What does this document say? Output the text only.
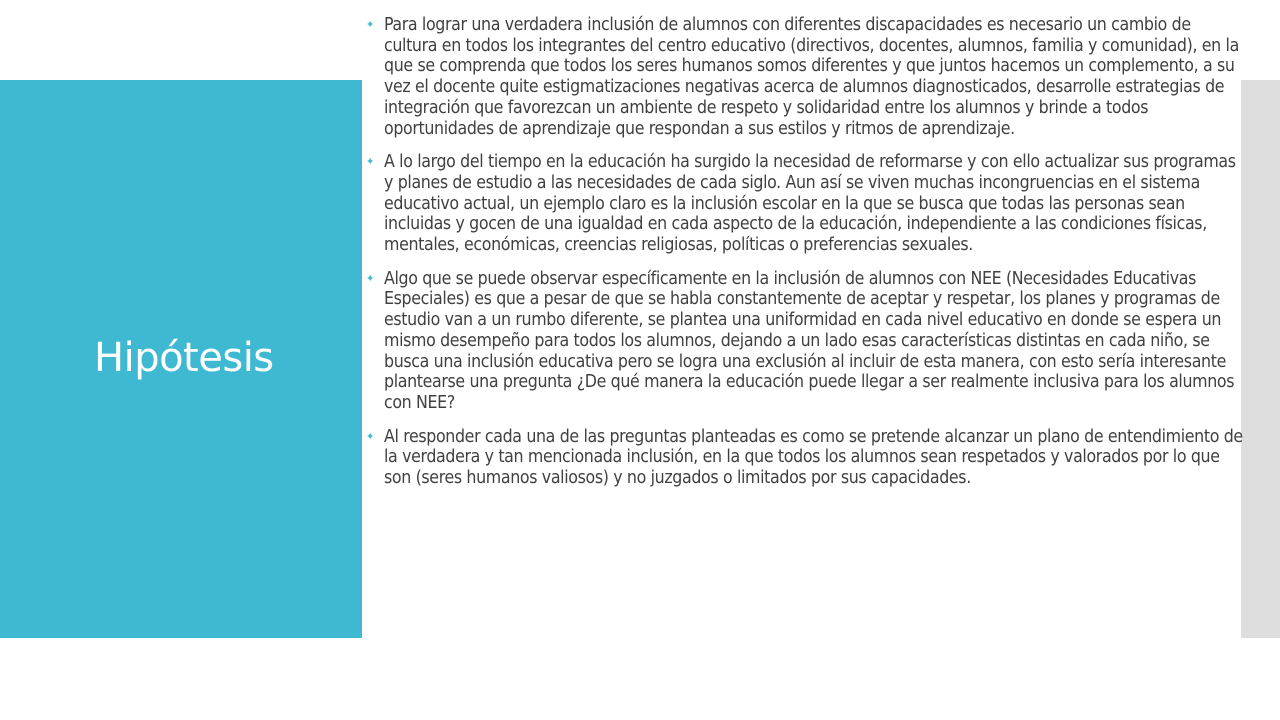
Hipótesis
✦ Para lograr una verdadera inclusión de alumnos con diferentes discapacidades es necesario un cambio de cultura en todos los integrantes del centro educativo (directivos, docentes, alumnos, familia y comunidad), en la que se comprenda que todos los seres humanos somos diferentes y que juntos hacemos un complemento, a su vez el docente quite estigmatizaciones negativas acerca de alumnos diagnosticados, desarrolle estrategias de integración que favorezcan un ambiente de respeto y solidaridad entre los alumnos y brinde a todos oportunidades de aprendizaje que respondan a sus estilos y ritmos de aprendizaje.
✦ A lo largo del tiempo en la educación ha surgido la necesidad de reformarse y con ello actualizar sus programas y planes de estudio a las necesidades de cada siglo. Aun así se viven muchas incongruencias en el sistema educativo actual, un ejemplo claro es la inclusión escolar en la que se busca que todas las personas sean incluidas y gocen de una igualdad en cada aspecto de la educación, independiente a las condiciones físicas, mentales, económicas, creencias religiosas, políticas o preferencias sexuales.
✦ Algo que se puede observar específicamente en la inclusión de alumnos con NEE (Necesidades Educativas Especiales) es que a pesar de que se habla constantemente de aceptar y respetar, los planes y programas de estudio van a un rumbo diferente, se plantea una uniformidad en cada nivel educativo en donde se espera un mismo desempeño para todos los alumnos, dejando a un lado esas características distintas en cada niño, se busca una inclusión educativa pero se logra una exclusión al incluir de esta manera, con esto sería interesante plantearse una pregunta ¿De qué manera la educación puede llegar a ser realmente inclusiva para los alumnos con NEE?
✦ Al responder cada una de las preguntas planteadas es como se pretende alcanzar un plano de entendimiento de la verdadera y tan mencionada inclusión, en la que todos los alumnos sean respetados y valorados por lo que son (seres humanos valiosos) y no juzgados o limitados por sus capacidades.
